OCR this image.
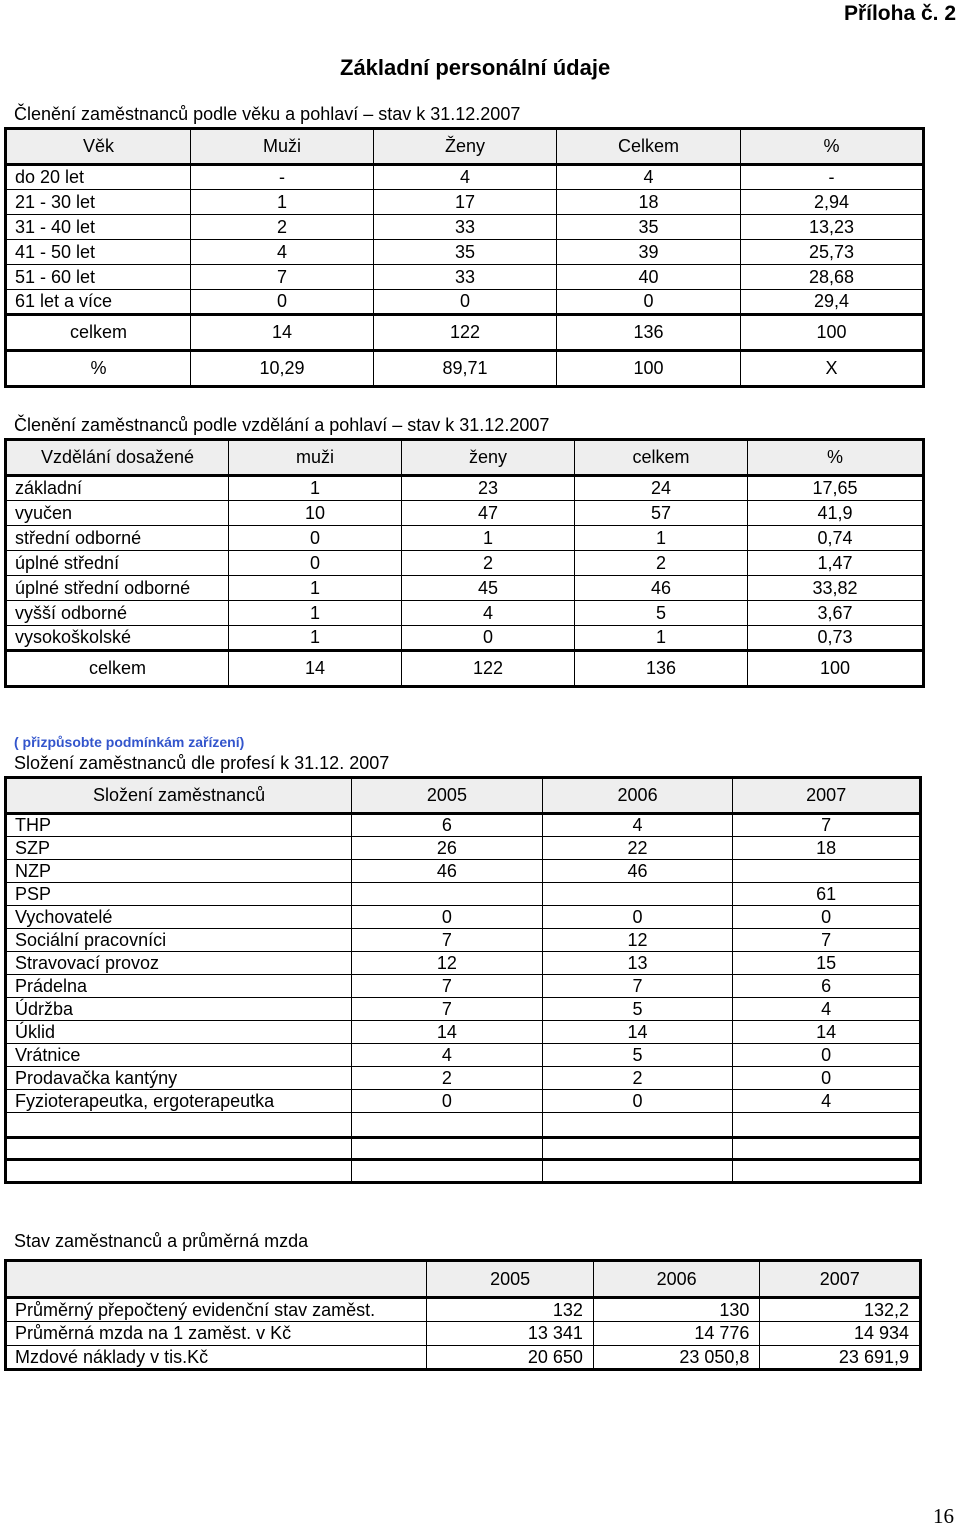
Příloha č. 2
Základní personální údaje
Členění zaměstnanců podle věku a pohlaví – stav k 31.12.2007
Věk	Muži	Ženy	Celkem	%
do 20 let	-	4	4	-
21 - 30 let	1	17	18	2,94
31 - 40 let	2	33	35	13,23
41 - 50 let	4	35	39	25,73
51 - 60 let	7	33	40	28,68
61 let a více	0	0	0	29,4
celkem	14	122	136	100
%	10,29	89,71	100	X
Členění zaměstnanců podle vzdělání a pohlaví – stav k 31.12.2007
Vzdělání dosažené	muži	ženy	celkem	%
základní	1	23	24	17,65
vyučen	10	47	57	41,9
střední odborné	0	1	1	0,74
úplné střední	0	2	2	1,47
úplné střední odborné	1	45	46	33,82
vyšší odborné	1	4	5	3,67
vysokoškolské	1	0	1	0,73
celkem	14	122	136	100
( přizpůsobte podmínkám zařízení)
Složení zaměstnanců dle profesí k 31.12. 2007
Složení zaměstnanců	2005	2006	2007
THP	6	4	7
SZP	26	22	18
NZP	46	46	
PSP			61
Vychovatelé	0	0	0
Sociální pracovníci	7	12	7
Stravovací provoz	12	13	15
Prádelna	7	7	6
Údržba	7	5	4
Úklid	14	14	14
Vrátnice	4	5	0
Prodavačka kantýny	2	2	0
Fyzioterapeutka, ergoterapeutka	0	0	4

Stav zaměstnanců a průměrná mzda
	2005	2006	2007
Průměrný přepočtený evidenční stav zaměst.	132	130	132,2
Průměrná mzda na 1 zaměst. v Kč	13 341	14 776	14 934
Mzdové náklady v tis.Kč	20 650	23 050,8	23 691,9
16
